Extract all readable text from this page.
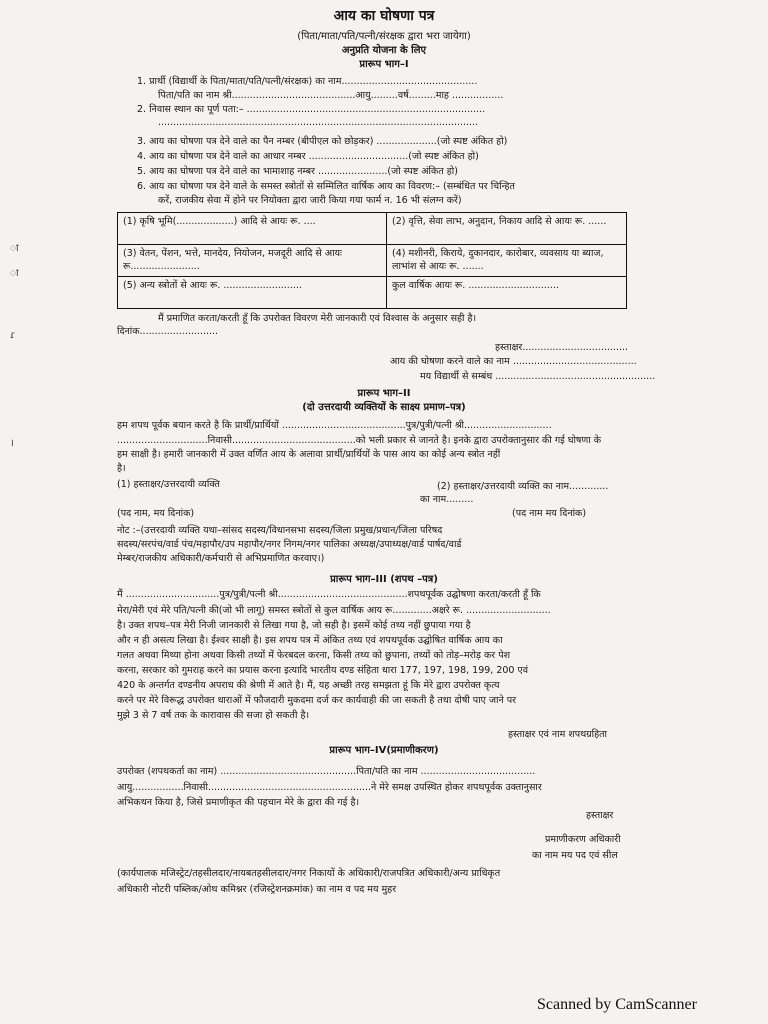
ा
ा
ɾ
।
आय का घोषणा पत्र
(पिता/माता/पति/पत्नी/संरक्षक द्वारा भरा जायेगा)
अनुप्रति योजना के लिए
प्रारूप भाग–I
1. प्रार्थी (विद्यार्थी के पिता/माता/पति/पत्नी/संरक्षक) का नाम.............................................
पिता/पति का नाम श्री.........................................आयु.........वर्ष.........माह .................
2. निवास स्थान का पूर्ण पता:– ...............................................................................
..........................................................................................................
3. आय का घोषणा पत्र देने वाले का पैन नम्बर (बीपीएल को छोड़कर) ....................(जो स्पष्ट अंकित हो)
4. आय का घोषणा पत्र देने वाले का आधार नम्बर .................................(जो स्पष्ट अंकित हो)
5. आय का घोषणा पत्र देने वाले का भामाशाह नम्बर .......................(जो स्पष्ट अंकित हो)
6. आय का घोषणा पत्र देने वाले के समस्त स्त्रोतों से सम्मिलित वार्षिक आय का विवरण:– (सम्बंधित पर चिन्हित
करें, राजकीय सेवा में होने पर नियोक्ता द्वारा जारी किया गया फार्म न. 16 भी संलग्न करें)
(1) कृषि भूमि(...................) आदि से आयः रू. ....	(2) वृत्ति, सेवा लाभ, अनुदान, निकाय आदि से आयः रू. ......
(3) वेतन, पेंशन, भत्ते, मानदेय, नियोजन, मजदूरी आदि से आयः रू.......................	(4) मशीनरी, किराये, दुकानदार, कारोबार, व्यवसाय या ब्याज, लाभांश से आयः रू. .......
(5) अन्य स्त्रोतों से आयः रू. ..........................	कुल वार्षिक आयः रू. ..............................
मैं प्रमाणित करता/करती हूँ कि उपरोक्त विवरण मेरी जानकारी एवं विश्वास के अनुसार सही है।
दिनांक..........................
हस्ताक्षर...................................
आय की घोषणा करने वाले का नाम .........................................
मय विद्यार्थी से सम्बंध .....................................................
प्रारूप भाग–II
(दो उत्तरदायी व्यक्तियों के साक्ष्य प्रमाण–पत्र)
हम शपथ पूर्वक बयान करते है कि प्रार्थी/प्रार्थियों .........................................पुत्र/पुत्री/पत्नी श्री.............................
..............................निवासी.........................................को भली प्रकार से जानते है। इनके द्वारा उपरोक्तानुसार की गई घोषणा के
हम साक्षी है। हमारी जानकारी में उक्त वर्णित आय के अलावा प्रार्थी/प्रार्थियों के पास आय का कोई अन्य स्त्रोत नहीं
है।
(1) हस्ताक्षर/उत्तरदायी व्यक्ति	(2) हस्ताक्षर/उत्तरदायी व्यक्ति का नाम.............
का नाम.........
(पद नाम, मय दिनांक)	(पद नाम मय दिनांक)
नोट :–(उत्तरदायी व्यक्ति यथा–सांसद सदस्य/विधानसभा सदस्य/जिला प्रमुख/प्रधान/जिला परिषद
सदस्य/सरपंच/वार्ड पंच/महापौर/उप महापौर/नगर निगम/नगर पालिका अध्यक्ष/उपाध्यक्ष/वार्ड पार्षद/वार्ड
मेम्बर/राजकीय अधिकारी/कर्मचारी से अभिप्रमाणित करवाए।)
प्रारूप भाग–III (शपथ –पत्र)
मैं ...............................पुत्र/पुत्री/पत्नी श्री...........................................शपथपूर्वक उद्घोषणा करता/करती हूँ कि
मेरा/मेरी एवं मेरे पति/पत्नी की(जो भी लागू) समस्त स्त्रोतों से कुल वार्षिक आय रू.............अक्षरे रू. ............................
है। उक्त शपथ–पत्र मेरी निजी जानकारी से लिखा गया है, जो सही है। इसमें कोई तथ्य नहीं छुपाया गया है
और न ही असत्य लिखा है। ईश्वर साक्षी है। इस शपथ पत्र में अंकित तथ्य एवं शपथपूर्वक उद्घोषित वार्षिक आय का
गलत अथवा मिथ्या होना अथवा किसी तथ्यों में फेरबदल करना, किसी तथ्य को छुपाना, तथ्यों को तोड़–मरोड़ कर पेश
करना, सरकार को गुमराह करने का प्रयास करना इत्यादि भारतीय दण्ड संहिता धारा 177, 197, 198, 199, 200 एवं
420 के अन्तर्गत दण्डनीय अपराध की श्रेणी में आते है। मैं, यह अच्छी तरह समझता हूं कि मेरे द्वारा उपरोक्त कृत्य
करने पर मेरे विरूद्ध उपरोक्त धाराओं में फौजदारी मुकदमा दर्ज कर कार्यवाही की जा सकती है तथा दोषी पाए जाने पर
मुझे 3 से 7 वर्ष तक के कारावास की सजा हो सकती है।
हस्ताक्षर एवं नाम शपथग्रहिता
प्रारूप भाग–IV(प्रमाणीकरण)
उपरोक्त (शपथकर्ता का नाम) .............................................पिता/पति का नाम ......................................
आयु.................निवासी......................................................ने मेरे समक्ष उपस्थित होकर शपथपूर्वक उक्तानुसार
अभिकथन किया है, जिसे प्रमाणीकृत की पहचान मेरे के द्वारा की गई है।
हस्ताक्षर
प्रमाणीकरण अधिकारी
का नाम मय पद एवं सील
(कार्यपालक मजिस्ट्रेट/तहसीलदार/नायबतहसीलदार/नगर निकायों के अधिकारी/राजपत्रित अधिकारी/अन्य प्राधिकृत
अधिकारी नोटरी पब्लिक/ओथ कमिश्नर (रजिस्ट्रेशनक्रमांक) का नाम व पद मय मुहर
Scanned by CamScanner
